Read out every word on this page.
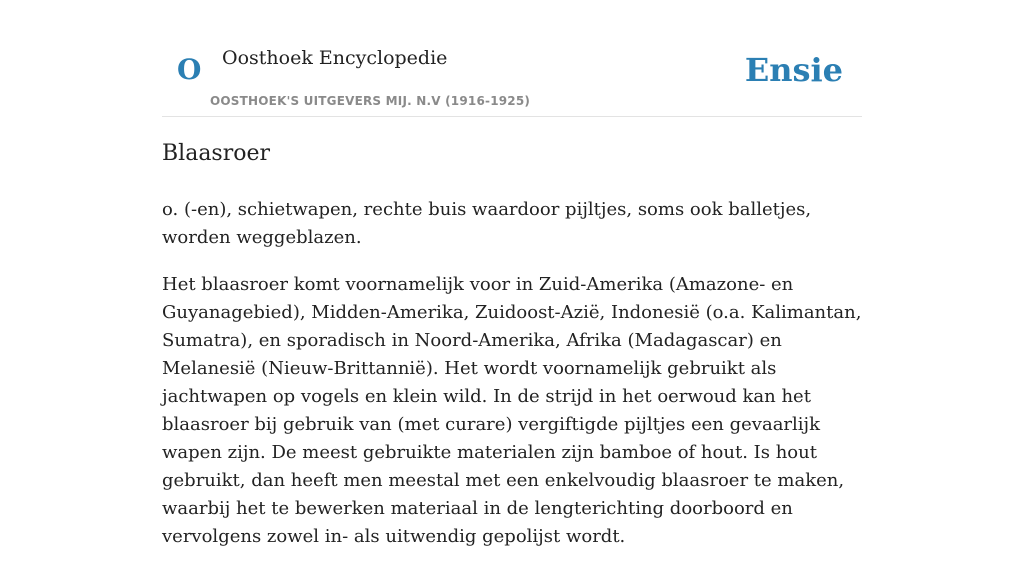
O Oosthoek Encyclopedie
OOSTHOEK'S UITGEVERS MIJ. N.V (1916-1925)
Ensie
Blaasroer

o. (-en), schietwapen, rechte buis waardoor pijltjes, soms ook balletjes, worden weggeblazen.

Het blaasroer komt voornamelijk voor in Zuid-Amerika (Amazone- en Guyanagebied), Midden-Amerika, Zuidoost-Azië, Indonesië (o.a. Kalimantan, Sumatra), en sporadisch in Noord-Amerika, Afrika (Madagascar) en Melanesië (Nieuw-Brittannië). Het wordt voornamelijk gebruikt als jachtwapen op vogels en klein wild. In de strijd in het oerwoud kan het blaasroer bij gebruik van (met curare) vergiftigde pijltjes een gevaarlijk wapen zijn. De meest gebruikte materialen zijn bamboe of hout. Is hout gebruikt, dan heeft men meestal met een enkelvoudig blaasroer te maken, waarbij het te bewerken materiaal in de lengterichting doorboord en vervolgens zowel in- als uitwendig gepolijst wordt.
